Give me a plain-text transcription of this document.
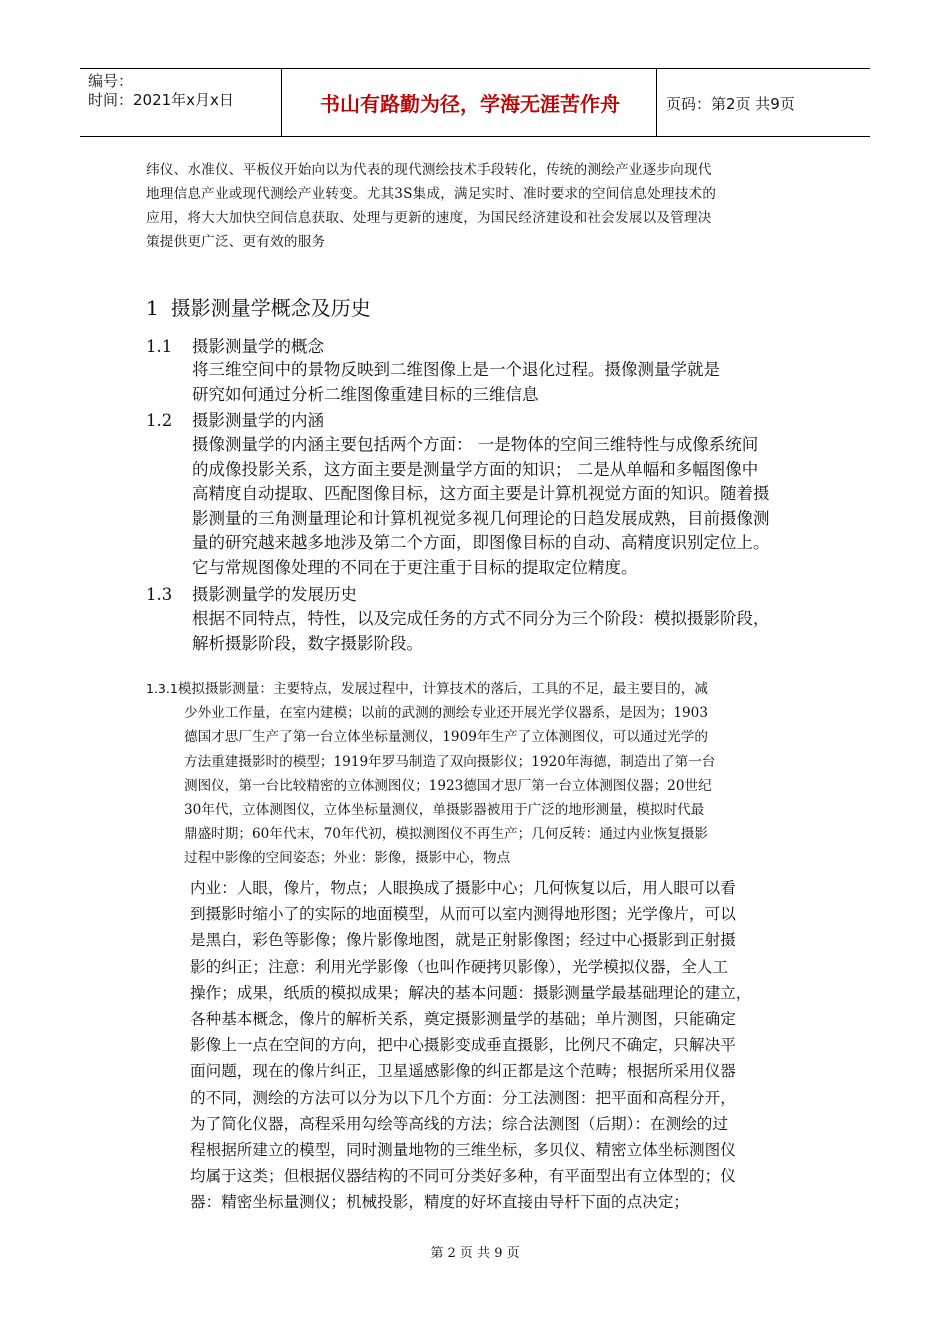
编号：
时间：2021年x月x日	书山有路勤为径，学海无涯苦作舟	页码：第2页 共9页

纬仪、水准仪、平板仪开始向以为代表的现代测绘技术手段转化，传统的测绘产业逐步向现代

地理信息产业或现代测绘产业转变。尤其3S集成，满足实时、准时要求的空间信息处理技术的

应用，将大大加快空间信息获取、处理与更新的速度，为国民经济建设和社会发展以及管理决

策提供更广泛、更有效的服务

1 摄影测量学概念及历史
1.1 摄影测量学的概念

将三维空间中的景物反映到二维图像上是一个退化过程。摄像测量学就是

研究如何通过分析二维图像重建目标的三维信息

1.2 摄影测量学的内涵

摄像测量学的内涵主要包括两个方面： 一是物体的空间三维特性与成像系统间

的成像投影关系，这方面主要是测量学方面的知识； 二是从单幅和多幅图像中

高精度自动提取、匹配图像目标，这方面主要是计算机视觉方面的知识。随着摄

影测量的三角测量理论和计算机视觉多视几何理论的日趋发展成熟，目前摄像测

量的研究越来越多地涉及第二个方面，即图像目标的自动、高精度识别定位上。

它与常规图像处理的不同在于更注重于目标的提取定位精度。

1.3 摄影测量学的发展历史

根据不同特点，特性，以及完成任务的方式不同分为三个阶段：模拟摄影阶段，

解析摄影阶段，数字摄影阶段。

1.3.1模拟摄影测量：主要特点，发展过程中，计算技术的落后，工具的不足，最主要目的，减

少外业工作量，在室内建模；以前的武测的测绘专业还开展光学仪器系，是因为；1903

德国才思厂生产了第一台立体坐标量测仪，1909年生产了立体测图仪，可以通过光学的

方法重建摄影时的模型；1919年罗马制造了双向摄影仪；1920年海德，制造出了第一台

测图仪，第一台比较精密的立体测图仪；1923德国才思厂第一台立体测图仪器；20世纪

30年代，立体测图仪，立体坐标量测仪，单摄影器被用于广泛的地形测量，模拟时代最

鼎盛时期；60年代末，70年代初，模拟测图仪不再生产；几何反转：通过内业恢复摄影

过程中影像的空间姿态；外业：影像，摄影中心，物点

内业：人眼，像片，物点；人眼换成了摄影中心；几何恢复以后，用人眼可以看

到摄影时缩小了的实际的地面模型，从而可以室内测得地形图；光学像片，可以

是黑白，彩色等影像；像片影像地图，就是正射影像图；经过中心摄影到正射摄

影的纠正；注意：利用光学影像（也叫作硬拷贝影像），光学模拟仪器，全人工

操作；成果，纸质的模拟成果；解决的基本问题：摄影测量学最基础理论的建立，

各种基本概念，像片的解析关系，奠定摄影测量学的基础；单片测图，只能确定

影像上一点在空间的方向，把中心摄影变成垂直摄影，比例尺不确定，只解决平

面问题，现在的像片纠正，卫星遥感影像的纠正都是这个范畴；根据所采用仪器

的不同，测绘的方法可以分为以下几个方面：分工法测图：把平面和高程分开，

为了简化仪器，高程采用勾绘等高线的方法；综合法测图（后期）：在测绘的过

程根据所建立的模型，同时测量地物的三维坐标，多贝仪、精密立体坐标测图仪

均属于这类；但根据仪器结构的不同可分类好多种，有平面型出有立体型的；仪

器：精密坐标量测仪；机械投影，精度的好坏直接由导杆下面的点决定；

第 2 页 共 9 页
